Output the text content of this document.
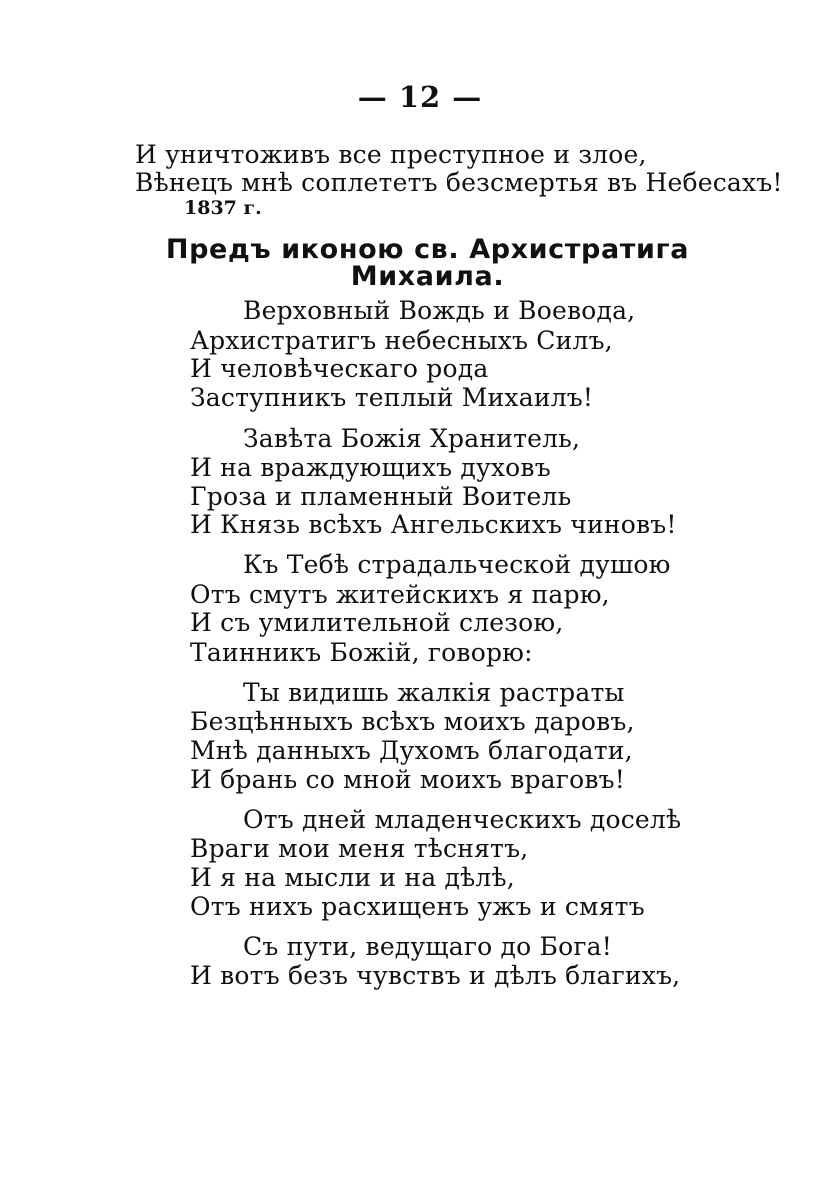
— 12 —
И уничтоживъ все преступное и злое,
Вѣнецъ мнѣ соплететъ безсмертья въ Небесахъ!
1837 г.
Предъ иконою св. Архистратига
Михаила.
Верховный Вождь и Воевода,
Архистратигъ небесныхъ Силъ,
И человѣческаго рода
Заступникъ теплый Михаилъ!
Завѣта Божія Хранитель,
И на враждующихъ духовъ
Гроза и пламенный Воитель
И Князь всѣхъ Ангельскихъ чиновъ!
Къ Тебѣ страдальческой душою
Отъ смутъ житейскихъ я парю,
И съ умилительной слезою,
Таинникъ Божій, говорю:
Ты видишь жалкія растраты
Безцѣнныхъ всѣхъ моихъ даровъ,
Мнѣ данныхъ Духомъ благодати,
И брань со мной моихъ враговъ!
Отъ дней младенческихъ доселѣ
Враги мои меня тѣснятъ,
И я на мысли и на дѣлѣ,
Отъ нихъ расхищенъ ужъ и смятъ
Съ пути, ведущаго до Бога!
И вотъ безъ чувствъ и дѣлъ благихъ,
